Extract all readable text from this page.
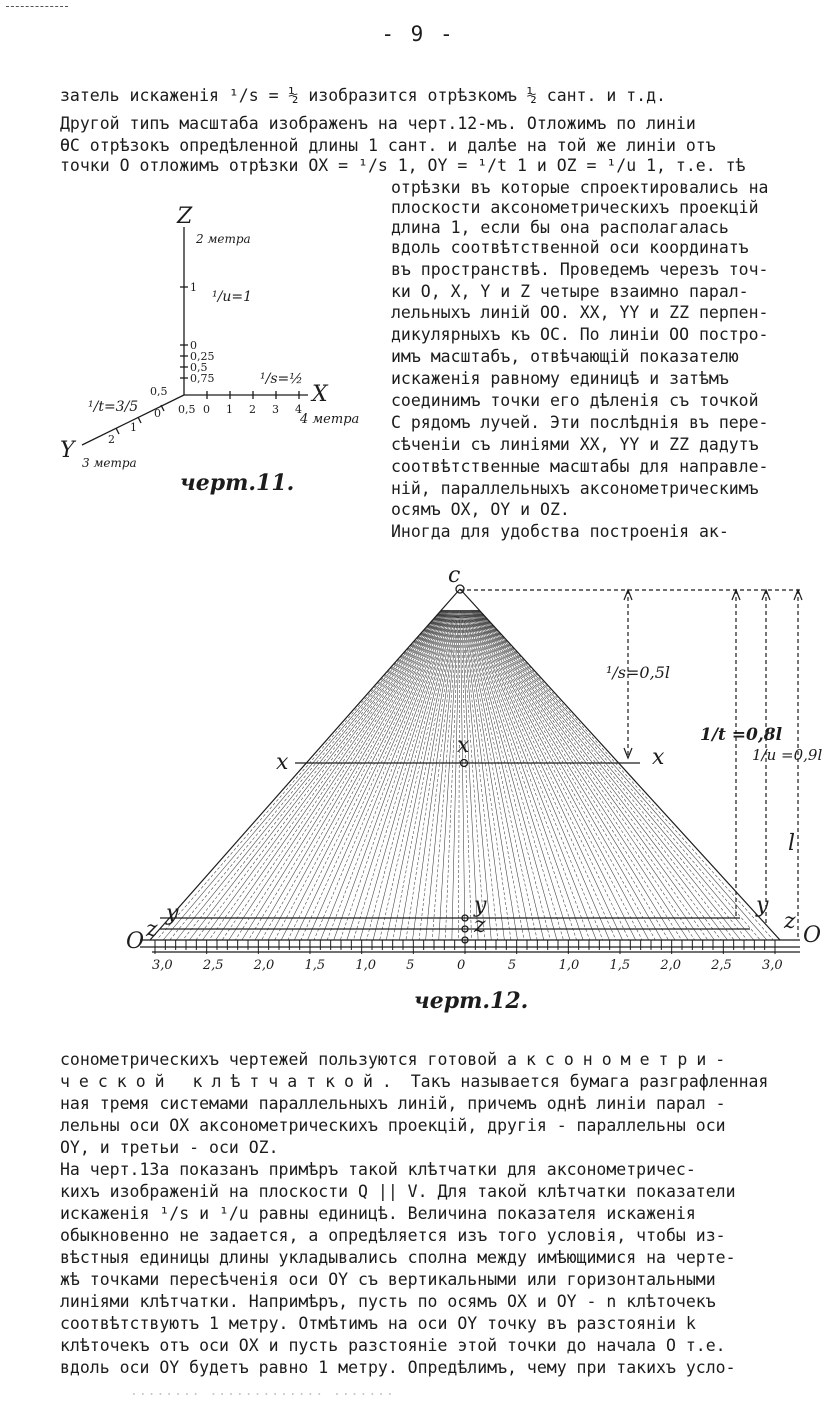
- 9 -
затель искаженія ¹/s = ½ изобразится отрѣзкомъ ½ сант. и т.д.
Другой типъ масштаба изображенъ на черт.12-мъ. Отложимъ по линіи
ӨС отрѣзокъ опредѣленной длины 1 сант. и далѣе на той же линіи отъ
точки О отложимъ отрѣзки ОХ = ¹/s 1, ОY = ¹/t 1 и ОZ = ¹/u 1, т.е. тѣ
отрѣзки въ которые спроектировались на
плоскости аксонометрическихъ проекцій
длина 1, если бы она располагалась
вдоль соотвѣтственной оси координатъ
въ пространствѣ. Проведемъ черезъ точ-
ки О, X, Y и Z четыре взаимно парал-
лельныхъ линій ОО. XX, YY и ZZ перпен-
дикулярныхъ къ ОС. По линіи ОО постро-
имъ масштабъ, отвѣчающій показателю
искаженія равному единицѣ и затѣмъ
соединимъ точки его дѣленія съ точкой
С рядомъ лучей. Эти послѣднія въ пере-
сѣченіи съ линіями XX, YY и ZZ дадутъ
соотвѣтственные масштабы для направле-
ній, параллельныхъ аксонометрическимъ
осямъ ОХ, ОY и ОZ.
Иногда для удобства построенія ак-
Z
2 метра
¹/u=1
1
0
0,25
0,5
0,75	¹/s=½
X
4 метра
0,5 0 1 2 3 4
0,5
0
1
2
¹/t=3/5
Y 3 метра
черт.11.
c
x	x
x
y	y
y
z	z
z
O	O
l
¹/s=0,5l
1/t =0,8l
1/u =0,9l
3,0 2,5 2,0 1,5 1,0 5	0	5	1,0 1,5 2,0 2,5 3,0
черт.12.
сонометрическихъ чертежей пользуются готовой аксонометри-
ческой клѣтчаткой. Такъ называется бумага разграфленная
ная тремя системами параллельныхъ линій, причемъ однѣ линіи парал -
лельны оси ОХ аксонометрическихъ проекцій, другія - параллельны оси
ОY, и третьи - оси ОZ.
На черт.13а показанъ примѣръ такой клѣтчатки для аксонометричес-
кихъ изображеній на плоскости Q || V. Для такой клѣтчатки показатели
искаженія ¹/s и ¹/u равны единицѣ. Величина показателя искаженія
обыкновенно не задается, а опредѣляется изъ того условія, чтобы из-
вѣстныя единицы длины укладывались сполна между имѣющимися на черте-
жѣ точками пересѣченія оси ОY съ вертикальными или горизонтальными
линіями клѣтчатки. Напримѣръ, пусть по осямъ ОХ и ОY - n клѣточекъ
соотвѣтствуютъ 1 метру. Отмѣтимъ на оси ОY точку въ разстояніи k
клѣточекъ отъ оси ОХ и пусть разстояніе этой точки до начала О т.е.
вдоль оси ОY будетъ равно 1 метру. Опредѣлимъ, чему при такихъ усло-
........ ............. .......
